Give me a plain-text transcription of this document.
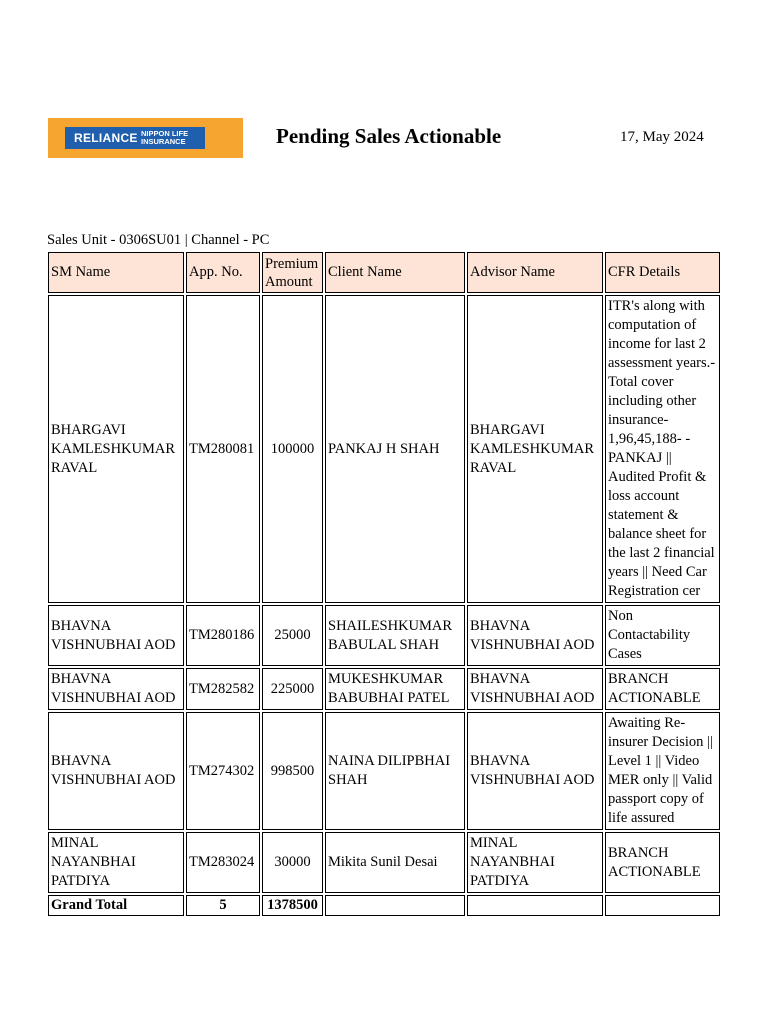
RELIANCE NIPPON LIFE
INSURANCE	Pending Sales Actionable	17, May 2024
Sales Unit - 0306SU01 | Channel - PC
SM Name	App. No.	Premium Amount	Client Name	Advisor Name	CFR Details
BHARGAVI KAMLESHKUMAR RAVAL	TM280081	100000	PANKAJ H SHAH	BHARGAVI KAMLESHKUMAR RAVAL	ITR's along with computation of income for last 2 assessment years.- Total cover including other insurance- 1,96,45,188- - PANKAJ || Audited Profit & loss account statement & balance sheet for the last 2 financial years || Need Car Registration cer
BHAVNA VISHNUBHAI AOD	TM280186	25000	SHAILESHKUMAR BABULAL SHAH	BHAVNA VISHNUBHAI AOD	Non Contactability Cases
BHAVNA VISHNUBHAI AOD	TM282582	225000	MUKESHKUMAR BABUBHAI PATEL	BHAVNA VISHNUBHAI AOD	BRANCH ACTIONABLE
BHAVNA VISHNUBHAI AOD	TM274302	998500	NAINA DILIPBHAI SHAH	BHAVNA VISHNUBHAI AOD	Awaiting Re-insurer Decision || Level 1 || Video MER only || Valid passport copy of life assured
MINAL NAYANBHAI PATDIYA	TM283024	30000	Mikita Sunil Desai	MINAL NAYANBHAI PATDIYA	BRANCH ACTIONABLE
Grand Total	5	1378500			
